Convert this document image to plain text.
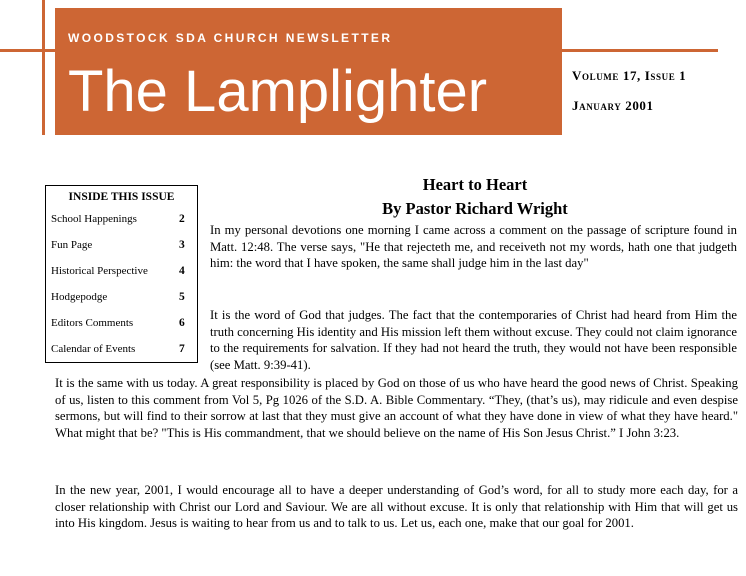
WOODSTOCK SDA CHURCH NEWSLETTER
The Lamplighter	Volume 17, Issue 1
January 2001
INSIDE THIS ISSUE
School Happenings	2
Fun Page	3
Historical Perspective	4
Hodgepodge	5
Editors Comments	6
Calendar of Events	7
Heart to Heart
By Pastor Richard Wright

In my personal devotions one morning I came across a comment on the passage of scripture found in Matt. 12:48. The verse says, "He that rejecteth me, and receiveth not my words, hath one that judgeth him: the word that I have spoken, the same shall judge him in the last day"

It is the word of God that judges. The fact that the contemporaries of Christ had heard from Him the truth concerning His identity and His mission left them without excuse. They could not claim ignorance to the requirements for salvation. If they had not heard the truth, they would not have been responsible (see Matt. 9:39-41).

It is the same with us today. A great responsibility is placed by God on those of us who have heard the good news of Christ. Speaking of us, listen to this comment from Vol 5, Pg 1026 of the S.D. A. Bible Commentary. “They, (that’s us), may ridicule and even despise sermons, but will find to their sorrow at last that they must give an account of what they have done in view of what they have heard." What might that be? "This is His commandment, that we should believe on the name of His Son Jesus Christ.” I John 3:23.

In the new year, 2001, I would encourage all to have a deeper understanding of God’s word, for all to study more each day, for a closer relationship with Christ our Lord and Saviour. We are all without excuse. It is only that relationship with Him that will get us into His kingdom. Jesus is waiting to hear from us and to talk to us. Let us, each one, make that our goal for 2001.
